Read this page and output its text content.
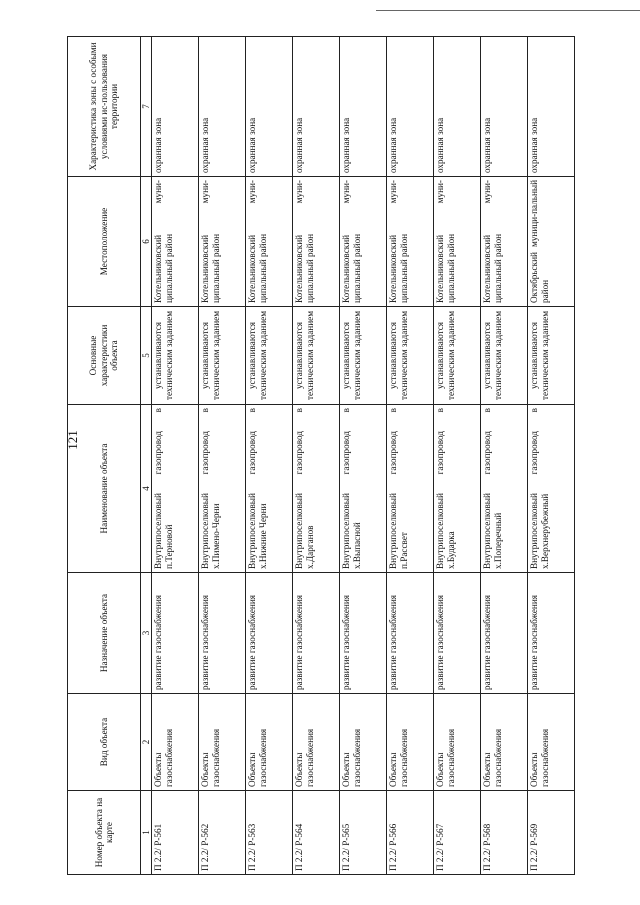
121
Номер объекта на карте	Вид объекта	Назначение объекта	Наименование объекта	Основные характеристики объекта	Местоположение	Характеристика зоны с особыми условиями ис-пользования территории
1	2	3	4	5	6	7
П 2.2/ Р-561	Объекты газоснабжения	развитие газоснабжения	Внутрипоселковый газопровод в п.Терновой	устанавливаются техническим заданием	Котельниковский муни-ципальный район	охранная зона
П 2.2/ Р-562	Объекты газоснабжения	развитие газоснабжения	Внутрипоселковый газопровод в х.Пимено-Черни	устанавливаются техническим заданием	Котельниковский муни-ципальный район	охранная зона
П 2.2/ Р-563	Объекты газоснабжения	развитие газоснабжения	Внутрипоселковый газопровод в х.Нижние Черни	устанавливаются техническим заданием	Котельниковский муни-ципальный район	охранная зона
П 2.2/ Р-564	Объекты газоснабжения	развитие газоснабжения	Внутрипоселковый газопровод в х.Дарганов	устанавливаются техническим заданием	Котельниковский муни-ципальный район	охранная зона
П 2.2/ Р-565	Объекты газоснабжения	развитие газоснабжения	Внутрипоселковый газопровод в х.Выпасной	устанавливаются техническим заданием	Котельниковский муни-ципальный район	охранная зона
П 2.2/ Р-566	Объекты газоснабжения	развитие газоснабжения	Внутрипоселковый газопровод в п.Рассвет	устанавливаются техническим заданием	Котельниковский муни-ципальный район	охранная зона
П 2.2/ Р-567	Объекты газоснабжения	развитие газоснабжения	Внутрипоселковый газопровод в х.Бударка	устанавливаются техническим заданием	Котельниковский муни-ципальный район	охранная зона
П 2.2/ Р-568	Объекты газоснабжения	развитие газоснабжения	Внутрипоселковый газопровод в х.Поперечный	устанавливаются техническим заданием	Котельниковский муни-ципальный район	охранная зона
П 2.2/ Р-569	Объекты газоснабжения	развитие газоснабжения	Внутрипоселковый газопровод в х.Верхнерубежный	устанавливаются техническим заданием	Октябрьский муници-пальный район	охранная зона
